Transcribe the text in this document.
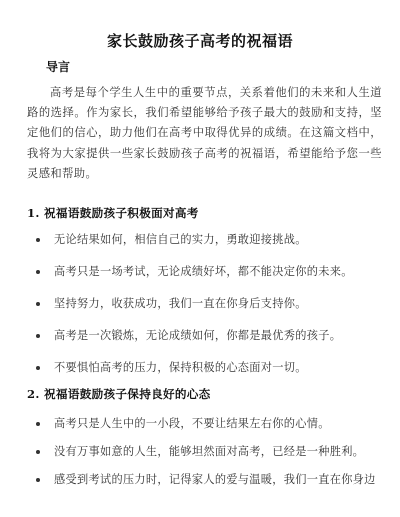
家长鼓励孩子高考的祝福语
导言
高考是每个学生人生中的重要节点，关系着他们的未来和人生道路的选择。作为家长，我们希望能够给予孩子最大的鼓励和支持，坚定他们的信心，助力他们在高考中取得优异的成绩。在这篇文档中，我将为大家提供一些家长鼓励孩子高考的祝福语，希望能给予您一些灵感和帮助。
1. 祝福语鼓励孩子积极面对高考
无论结果如何，相信自己的实力，勇敢迎接挑战。
高考只是一场考试，无论成绩好坏，都不能决定你的未来。
坚持努力，收获成功，我们一直在你身后支持你。
高考是一次锻炼，无论成绩如何，你都是最优秀的孩子。
不要惧怕高考的压力，保持积极的心态面对一切。
2. 祝福语鼓励孩子保持良好的心态
高考只是人生中的一小段，不要让结果左右你的心情。
没有万事如意的人生，能够坦然面对高考，已经是一种胜利。
感受到考试的压力时，记得家人的爱与温暖，我们一直在你身边
